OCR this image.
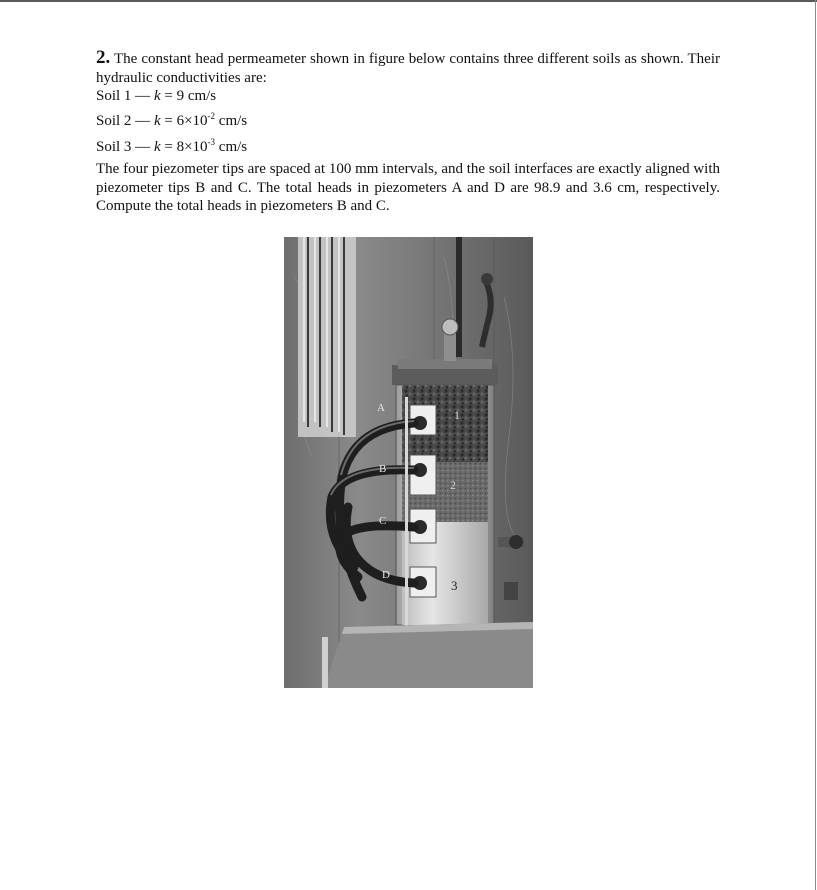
2. The constant head permeameter shown in figure below contains three different soils as shown. Their hydraulic conductivities are:

Soil 1 — k = 9 cm/s
Soil 2 — $k = 6\times 10^{-2}$ cm/s
Soil 3 — $k = 8\times 10^{-3}$ cm/s

The four piezometer tips are spaced at 100 mm intervals, and the soil interfaces are exactly aligned with piezometer tips B and C. The total heads in piezometers A and D are 98.9 and 3.6 cm, respectively. Compute the total heads in piezometers B and C.

A
B
C
D
1
2
3
